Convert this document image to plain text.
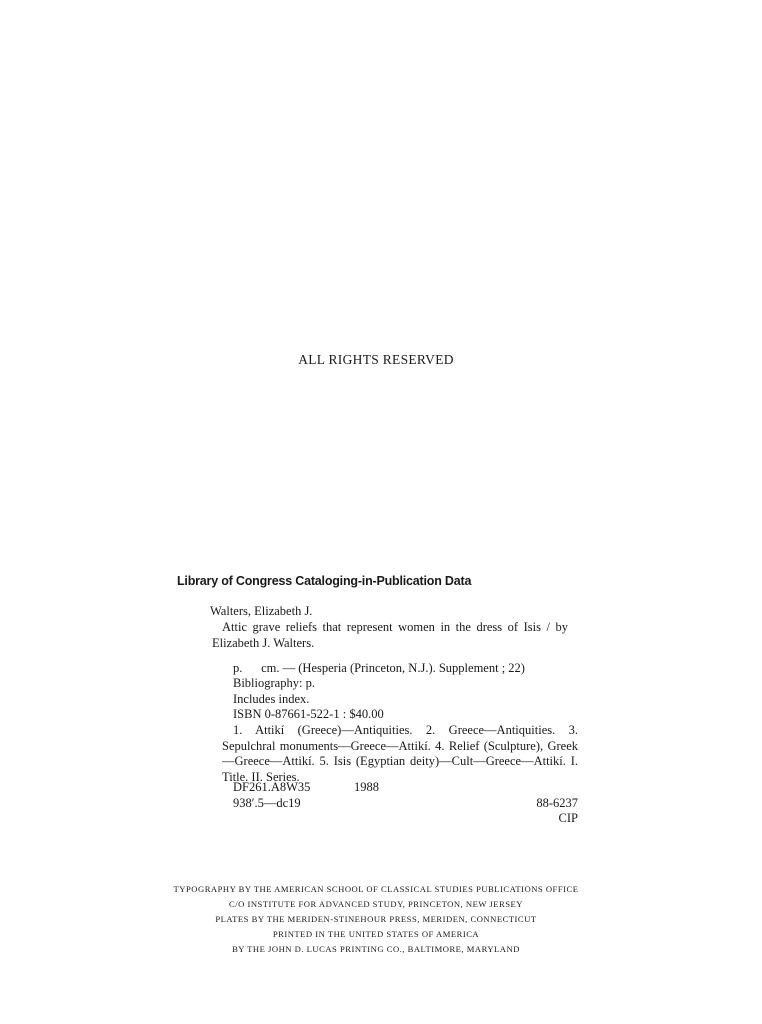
ALL RIGHTS RESERVED
Library of Congress Cataloging-in-Publication Data
Walters, Elizabeth J.
Attic grave reliefs that represent women in the dress of Isis / by Elizabeth J. Walters.
p.  cm. — (Hesperia (Princeton, N.J.). Supplement ; 22)
Bibliography: p.
Includes index.
ISBN 0-87661-522-1 : $40.00
1. Attikí (Greece)—Antiquities. 2. Greece—Antiquities. 3. Sepulchral monuments—Greece—Attikí. 4. Relief (Sculpture), Greek—Greece—Attikí. 5. Isis (Egyptian deity)—Cult—Greece—Attikí. I. Title. II. Series.
DF261.A8W35	1988
938′.5—dc19	88-6237
CIP
TYPOGRAPHY BY THE AMERICAN SCHOOL OF CLASSICAL STUDIES PUBLICATIONS OFFICE
C/O INSTITUTE FOR ADVANCED STUDY, PRINCETON, NEW JERSEY
PLATES BY THE MERIDEN-STINEHOUR PRESS, MERIDEN, CONNECTICUT
PRINTED IN THE UNITED STATES OF AMERICA
BY THE JOHN D. LUCAS PRINTING CO., BALTIMORE, MARYLAND
